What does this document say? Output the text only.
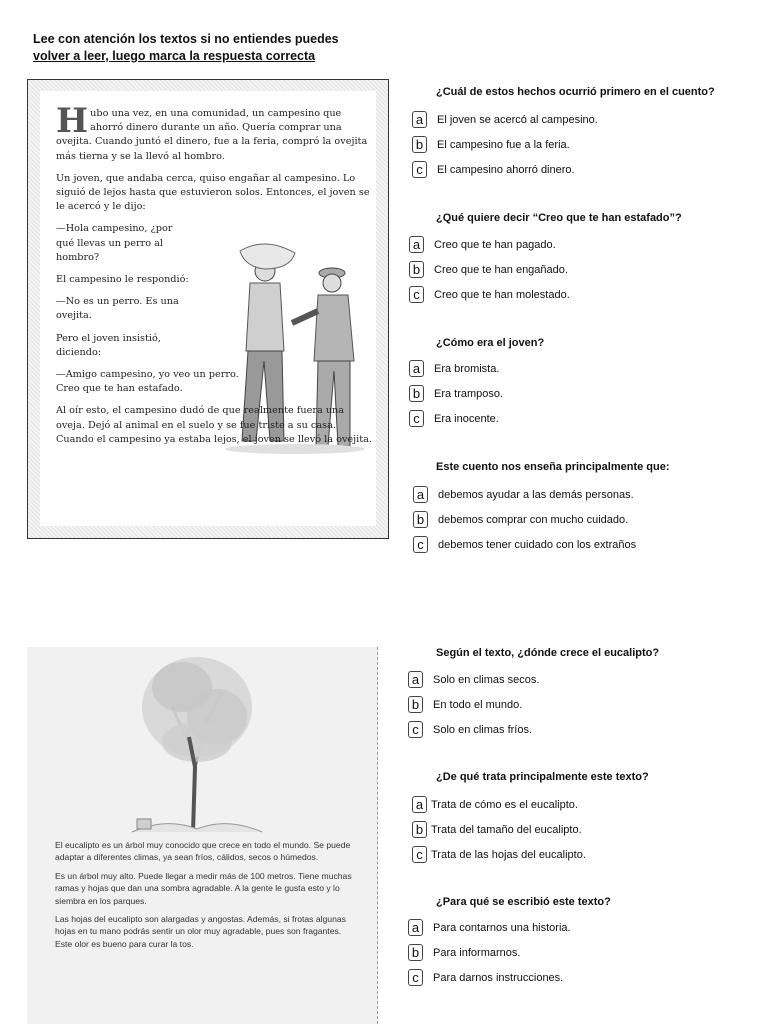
Lee con atención los textos si no entiendes puedes
volver a leer, luego marca la respuesta correcta

Hubo una vez, en una comunidad, un campesino que ahorró dinero durante un año. Quería comprar una ovejita. Cuando juntó el dinero, fue a la feria, compró la ovejita más tierna y se la llevó al hombro.

Un joven, que andaba cerca, quiso engañar al campesino. Lo siguió de lejos hasta que estuvieron solos. Entonces, el joven se le acercó y le dijo:

—Hola campesino, ¿por qué llevas un perro al hombro?

El campesino le respondió:

—No es un perro. Es una ovejita.

Pero el joven insistió, diciendo:

—Amigo campesino, yo veo un perro. Creo que te han estafado.

Al oír esto, el campesino dudó de que realmente fuera una oveja. Dejó al animal en el suelo y se fue triste a su casa. Cuando el campesino ya estaba lejos, el joven se llevó la ovejita.

¿Cuál de estos hechos ocurrió primero en el cuento?
a	El joven se acercó al campesino.
b	El campesino fue a la feria.
c	El campesino ahorró dinero.
¿Qué quiere decir “Creo que te han estafado”?
a	Creo que te han pagado.
b	Creo que te han engañado.
c	Creo que te han molestado.
¿Cómo era el joven?
a	Era bromista.
b	Era tramposo.
c	Era inocente.
Este cuento nos enseña principalmente que:
a	debemos ayudar a las demás personas.
b	debemos comprar con mucho cuidado.
c	debemos tener cuidado con los extraños

El eucalipto es un árbol muy conocido que crece en todo el mundo. Se puede adaptar a diferentes climas, ya sean fríos, cálidos, secos o húmedos.

Es un árbol muy alto. Puede llegar a medir más de 100 metros. Tiene muchas ramas y hojas que dan una sombra agradable. A la gente le gusta esto y lo siembra en los parques.

Las hojas del eucalipto son alargadas y angostas. Además, si frotas algunas hojas en tu mano podrás sentir un olor muy agradable, pues son fragantes. Este olor es bueno para curar la tos.

Según el texto, ¿dónde crece el eucalipto?
a	Solo en climas secos.
b	En todo el mundo.
c	Solo en climas fríos.
¿De qué trata principalmente este texto?
a Trata de cómo es el eucalipto.
b Trata del tamaño del eucalipto.
c Trata de las hojas del eucalipto.
¿Para qué se escribió este texto?
a	Para contarnos una historia.
b	Para informarnos.
c	Para darnos instrucciones.
